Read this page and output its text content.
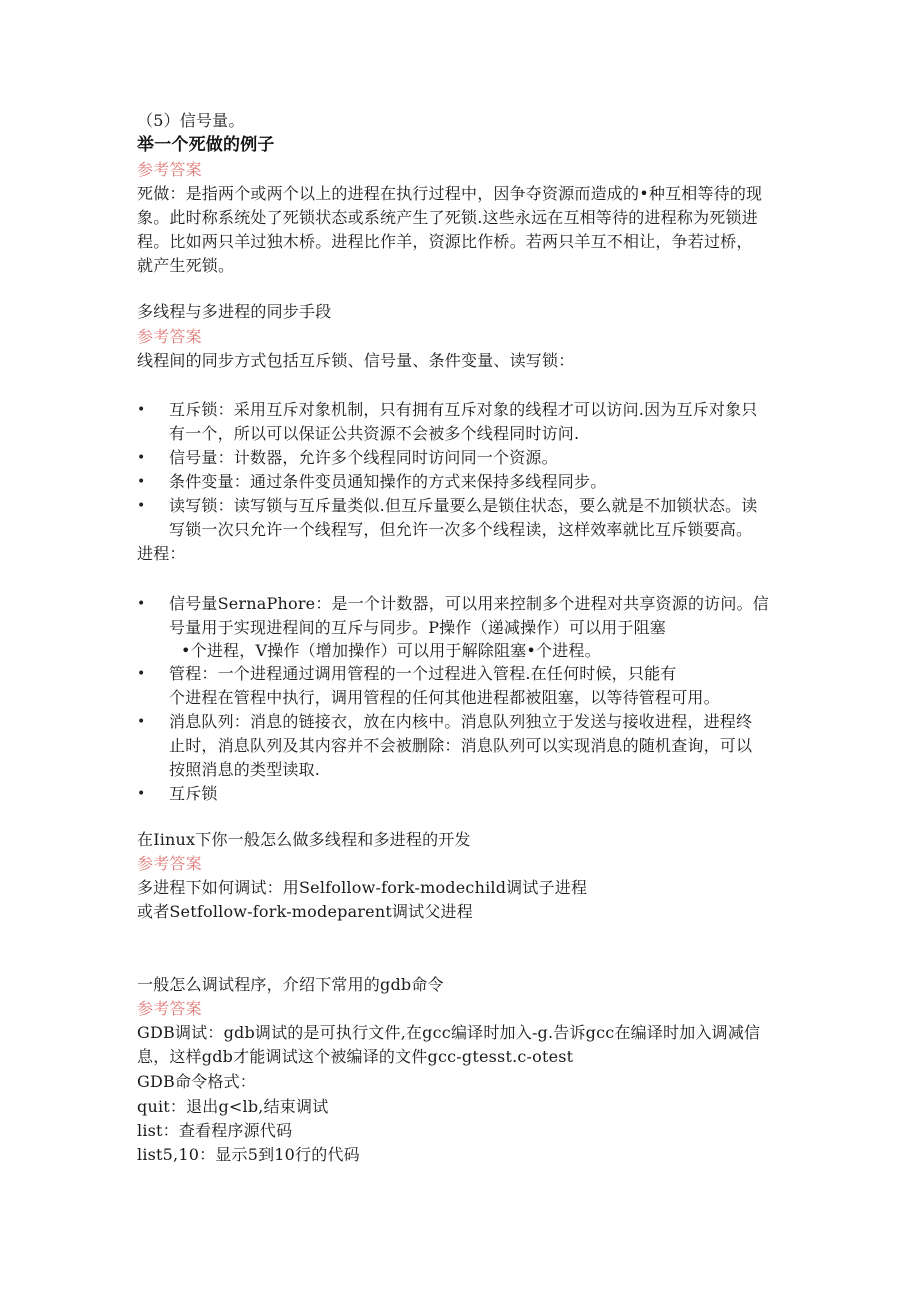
（5）信号量。
举一个死做的例子
参考答案
死做：是指两个或两个以上的进程在执行过程中，因争夺资源而造成的•种互相等待的现
象。此时称系统处了死锁状态或系统产生了死锁.这些永远在互相等待的进程称为死锁进
程。比如两只羊过独木桥。进程比作羊，资源比作桥。若两只羊互不相让，争若过桥，
就产生死锁。
多线程与多进程的同步手段
参考答案
线程间的同步方式包括互斥锁、信号量、条件变量、读写锁：
• 互斥锁：采用互斥对象机制，只有拥有互斥对象的线程才可以访问.因为互斥对象只
有一个，所以可以保证公共资源不会被多个线程同时访问.
• 信号量：计数器，允许多个线程同时访问同一个资源。
• 条件变量：通过条件变员通知操作的方式来保持多线程同步。
• 读写锁：读写锁与互斥量类似.但互斥量要么是锁住状态，要么就是不加锁状态。读
写锁一次只允许一个线程写，但允许一次多个线程读，这样效率就比互斥锁要高。
进程：
• 信号量SernaPhore：是一个计数器，可以用来控制多个进程对共享资源的访问。信
号量用于实现进程间的互斥与同步。P操作（递减操作）可以用于阻塞
•个进程，V操作（增加操作）可以用于解除阻塞•个进程。
• 管程：一个进程通过调用管程的一个过程进入管程.在任何时候，只能有
个进程在管程中执行，调用管程的任何其他进程都被阻塞，以等待管程可用。
• 消息队列：消息的链接衣，放在内核中。消息队列独立于发送与接收进程，进程终
止时，消息队列及其内容并不会被删除：消息队列可以实现消息的随机查询，可以
按照消息的类型读取.
• 互斥锁
在Iinux下你一般怎么做多线程和多进程的开发
参考答案
多进程下如何调试：用Selfollow-fork-modechild调试子进程
或者Setfollow-fork-modeparent调试父进程
一般怎么调试程序，介绍下常用的gdb命令
参考答案
GDB调试：gdb调试的是可执行文件,在gcc编译时加入-g.告诉gcc在编译时加入调减信
息，这样gdb才能调试这个被编译的文件gcc-gtesst.c-otest
GDB命令格式：
quit：退出g<lb,结束调试
list：查看程序源代码
list5,10：显示5到10行的代码
